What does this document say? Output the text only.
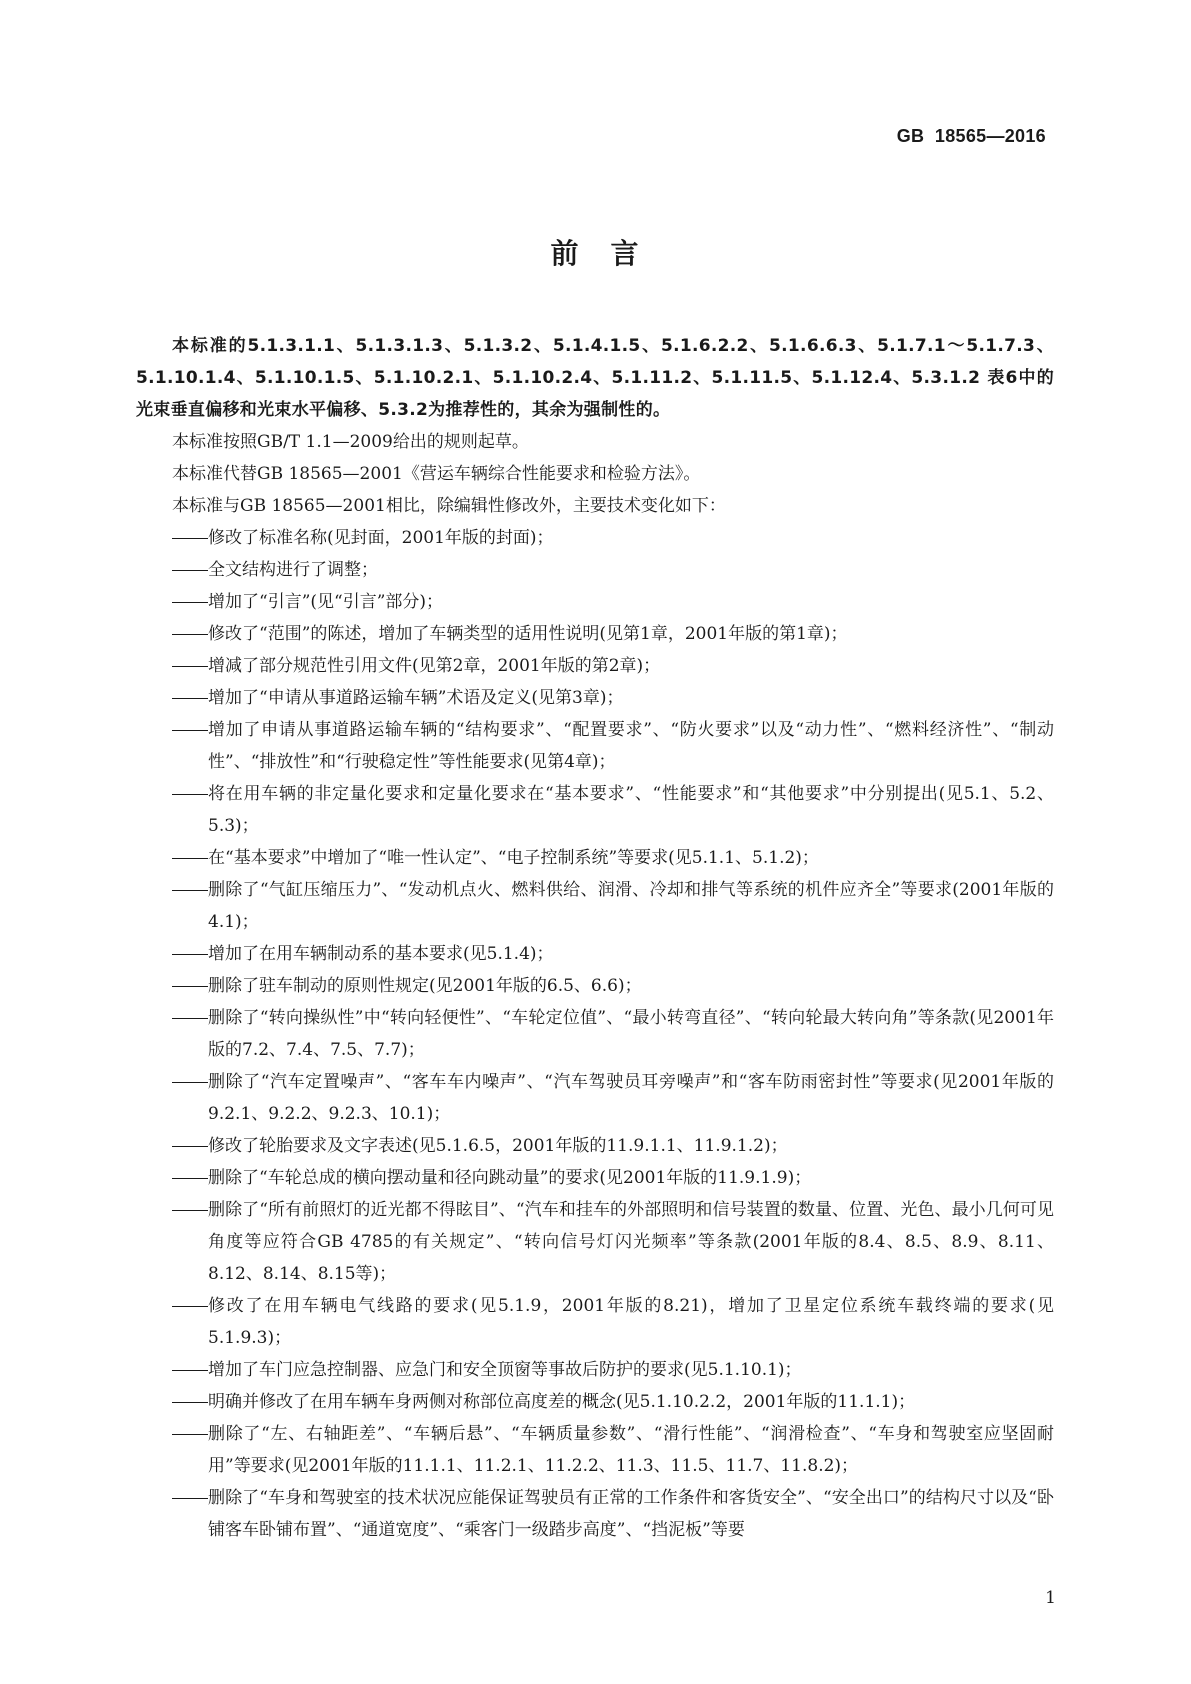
GB  18565—2016
前　言
本标准的5.1.3.1.1、5.1.3.1.3、5.1.3.2、5.1.4.1.5、5.1.6.2.2、5.1.6.6.3、5.1.7.1～5.1.7.3、5.1.10.1.4、5.1.10.1.5、5.1.10.2.1、5.1.10.2.4、5.1.11.2、5.1.11.5、5.1.12.4、5.3.1.2 表6中的光束垂直偏移和光束水平偏移、5.3.2为推荐性的，其余为强制性的。
本标准按照GB/T 1.1—2009给出的规则起草。
本标准代替GB 18565—2001《营运车辆综合性能要求和检验方法》。
本标准与GB 18565—2001相比，除编辑性修改外，主要技术变化如下：
修改了标准名称(见封面，2001年版的封面)；
全文结构进行了调整；
增加了“引言”(见“引言”部分)；
修改了“范围”的陈述，增加了车辆类型的适用性说明(见第1章，2001年版的第1章)；
增减了部分规范性引用文件(见第2章，2001年版的第2章)；
增加了“申请从事道路运输车辆”术语及定义(见第3章)；
增加了申请从事道路运输车辆的“结构要求”、“配置要求”、“防火要求”以及“动力性”、“燃料经济性”、“制动性”、“排放性”和“行驶稳定性”等性能要求(见第4章)；
将在用车辆的非定量化要求和定量化要求在“基本要求”、“性能要求”和“其他要求”中分别提出(见5.1、5.2、5.3)；
在“基本要求”中增加了“唯一性认定”、“电子控制系统”等要求(见5.1.1、5.1.2)；
删除了“气缸压缩压力”、“发动机点火、燃料供给、润滑、冷却和排气等系统的机件应齐全”等要求(2001年版的4.1)；
增加了在用车辆制动系的基本要求(见5.1.4)；
删除了驻车制动的原则性规定(见2001年版的6.5、6.6)；
删除了“转向操纵性”中“转向轻便性”、“车轮定位值”、“最小转弯直径”、“转向轮最大转向角”等条款(见2001年版的7.2、7.4、7.5、7.7)；
删除了“汽车定置噪声”、“客车车内噪声”、“汽车驾驶员耳旁噪声”和“客车防雨密封性”等要求(见2001年版的9.2.1、9.2.2、9.2.3、10.1)；
修改了轮胎要求及文字表述(见5.1.6.5，2001年版的11.9.1.1、11.9.1.2)；
删除了“车轮总成的横向摆动量和径向跳动量”的要求(见2001年版的11.9.1.9)；
删除了“所有前照灯的近光都不得眩目”、“汽车和挂车的外部照明和信号装置的数量、位置、光色、最小几何可见角度等应符合GB 4785的有关规定”、“转向信号灯闪光频率”等条款(2001年版的8.4、8.5、8.9、8.11、8.12、8.14、8.15等)；
修改了在用车辆电气线路的要求(见5.1.9，2001年版的8.21)，增加了卫星定位系统车载终端的要求(见5.1.9.3)；
增加了车门应急控制器、应急门和安全顶窗等事故后防护的要求(见5.1.10.1)；
明确并修改了在用车辆车身两侧对称部位高度差的概念(见5.1.10.2.2，2001年版的11.1.1)；
删除了“左、右轴距差”、“车辆后悬”、“车辆质量参数”、“滑行性能”、“润滑检查”、“车身和驾驶室应坚固耐用”等要求(见2001年版的11.1.1、11.2.1、11.2.2、11.3、11.5、11.7、11.8.2)；
删除了“车身和驾驶室的技术状况应能保证驾驶员有正常的工作条件和客货安全”、“安全出口”的结构尺寸以及“卧铺客车卧铺布置”、“通道宽度”、“乘客门一级踏步高度”、“挡泥板”等要
1
